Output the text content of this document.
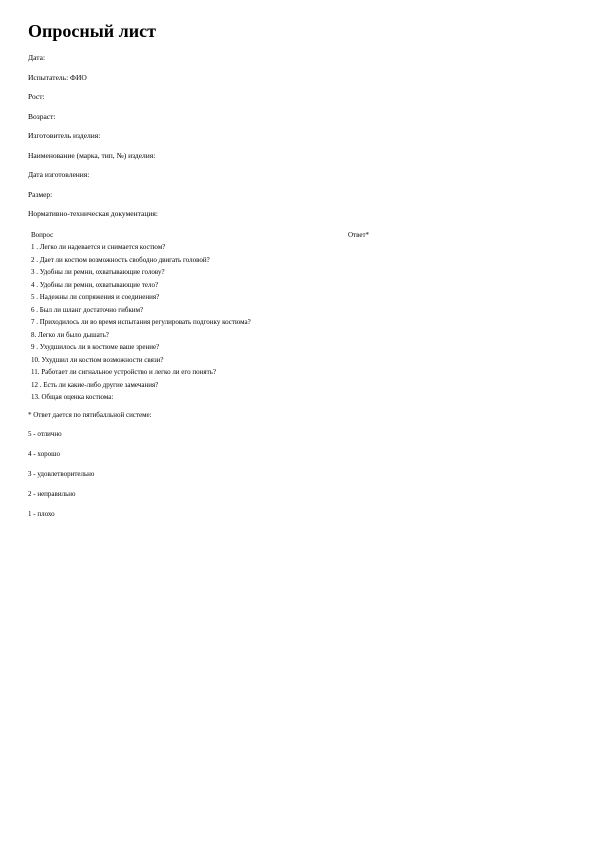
Опросный лист
Дата:
Испытатель: ФИО
Рост:
Возраст:
Изготовитель изделия:
Наименование (марка, тип, №) изделия:
Дата изготовления:
Размер:
Нормативно-техническая документация:
Вопрос	Ответ*
1 . Легко ли надевается и снимается костюм?
2 . Дает ли костюм возможность свободно двигать головой?
3 . Удобны ли ремни, охватывающие голову?
4 . Удобны ли ремни, охватывающие тело?
5 . Надежны ли сопряжения и соединения?
6 . Был ли шланг достаточно гибким?
7 . Приходилось ли во время испытания регулировать подгонку костюма?
8. Легко ли было дышать?
9 . Ухудшилось ли в костюме ваше зрение?
10. Ухудшил ли костюм возможности связи?
11. Работает ли сигнальное устройство и легко ли его понять?
12 . Есть ли какие-либо другие замечания?
13. Общая оценка костюма:
* Ответ дается по пятибалльной системе:
5 - отлично
4 - хорошо
3 - удовлетворительно
2 - неправильно
1 - плохо
